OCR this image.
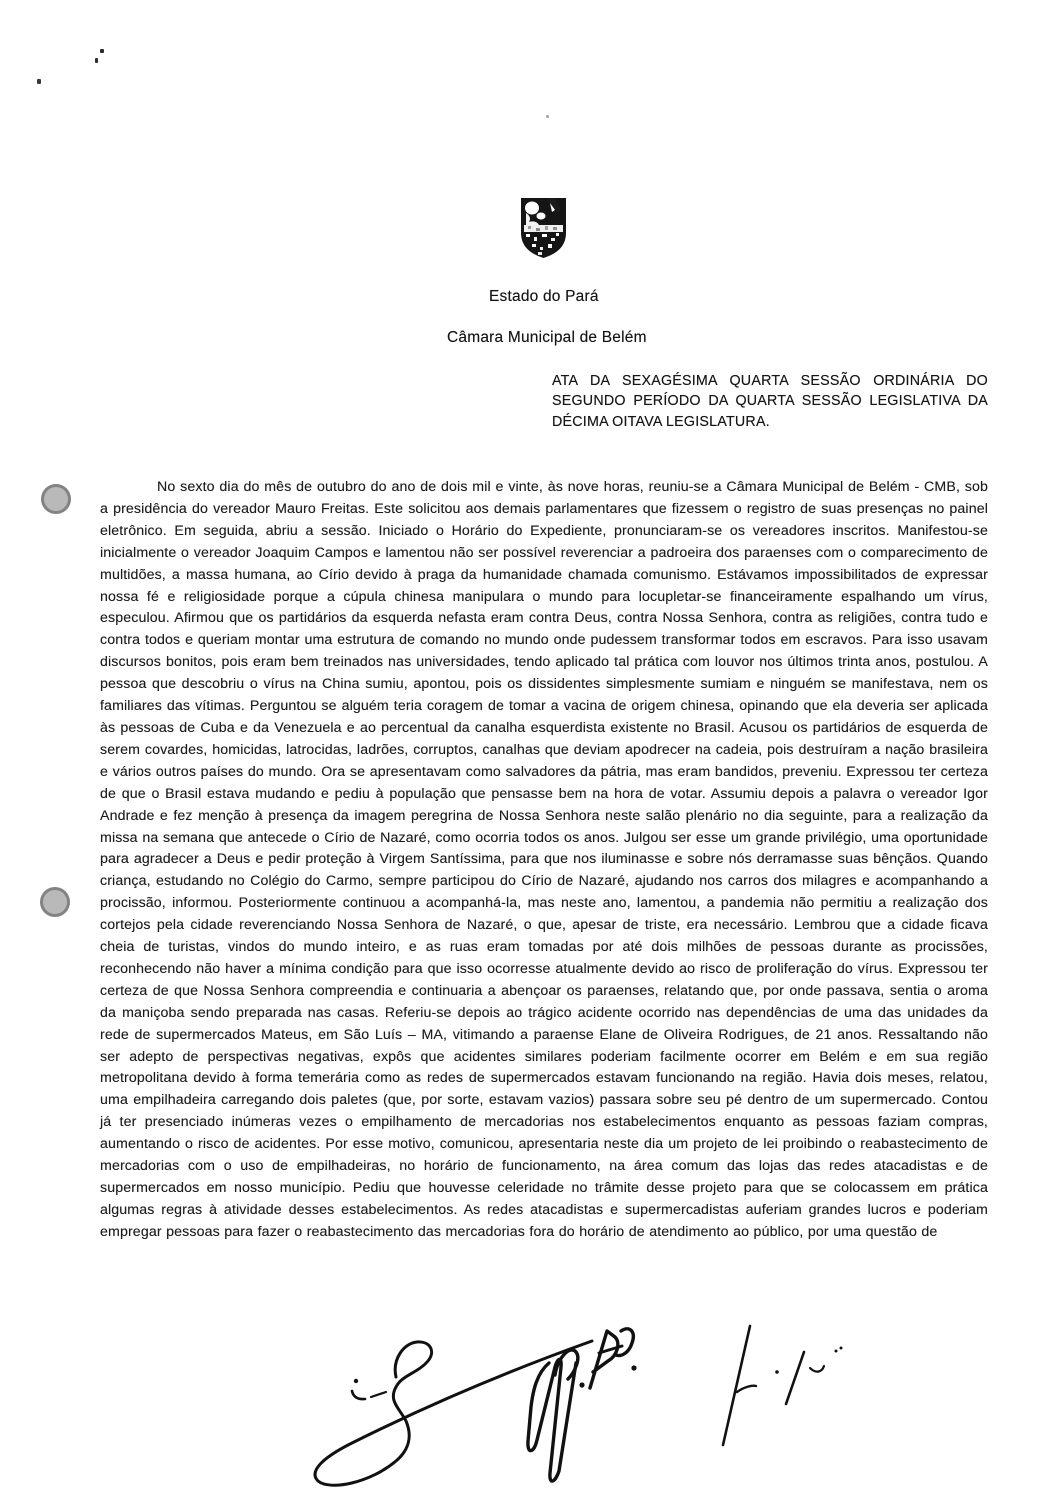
Estado do Pará
Câmara Municipal de Belém
ATA DA SEXAGÉSIMA QUARTA SESSÃO ORDINÁRIA DO SEGUNDO PERÍODO DA QUARTA SESSÃO LEGISLATIVA DA DÉCIMA OITAVA LEGISLATURA.
No sexto dia do mês de outubro do ano de dois mil e vinte, às nove horas, reuniu-se a Câmara Municipal de Belém - CMB, sob a presidência do vereador Mauro Freitas. Este solicitou aos demais parlamentares que fizessem o registro de suas presenças no painel eletrônico. Em seguida, abriu a sessão. Iniciado o Horário do Expediente, pronunciaram-se os vereadores inscritos. Manifestou-se inicialmente o vereador Joaquim Campos e lamentou não ser possível reverenciar a padroeira dos paraenses com o comparecimento de multidões, a massa humana, ao Círio devido à praga da humanidade chamada comunismo. Estávamos impossibilitados de expressar nossa fé e religiosidade porque a cúpula chinesa manipulara o mundo para locupletar-se financeiramente espalhando um vírus, especulou. Afirmou que os partidários da esquerda nefasta eram contra Deus, contra Nossa Senhora, contra as religiões, contra tudo e contra todos e queriam montar uma estrutura de comando no mundo onde pudessem transformar todos em escravos. Para isso usavam discursos bonitos, pois eram bem treinados nas universidades, tendo aplicado tal prática com louvor nos últimos trinta anos, postulou. A pessoa que descobriu o vírus na China sumiu, apontou, pois os dissidentes simplesmente sumiam e ninguém se manifestava, nem os familiares das vítimas. Perguntou se alguém teria coragem de tomar a vacina de origem chinesa, opinando que ela deveria ser aplicada às pessoas de Cuba e da Venezuela e ao percentual da canalha esquerdista existente no Brasil. Acusou os partidários de esquerda de serem covardes, homicidas, latrocidas, ladrões, corruptos, canalhas que deviam apodrecer na cadeia, pois destruíram a nação brasileira e vários outros países do mundo. Ora se apresentavam como salvadores da pátria, mas eram bandidos, preveniu. Expressou ter certeza de que o Brasil estava mudando e pediu à população que pensasse bem na hora de votar. Assumiu depois a palavra o vereador Igor Andrade e fez menção à presença da imagem peregrina de Nossa Senhora neste salão plenário no dia seguinte, para a realização da missa na semana que antecede o Círio de Nazaré, como ocorria todos os anos. Julgou ser esse um grande privilégio, uma oportunidade para agradecer a Deus e pedir proteção à Virgem Santíssima, para que nos iluminasse e sobre nós derramasse suas bênçãos. Quando criança, estudando no Colégio do Carmo, sempre participou do Círio de Nazaré, ajudando nos carros dos milagres e acompanhando a procissão, informou. Posteriormente continuou a acompanhá-la, mas neste ano, lamentou, a pandemia não permitiu a realização dos cortejos pela cidade reverenciando Nossa Senhora de Nazaré, o que, apesar de triste, era necessário. Lembrou que a cidade ficava cheia de turistas, vindos do mundo inteiro, e as ruas eram tomadas por até dois milhões de pessoas durante as procissões, reconhecendo não haver a mínima condição para que isso ocorresse atualmente devido ao risco de proliferação do vírus. Expressou ter certeza de que Nossa Senhora compreendia e continuaria a abençoar os paraenses, relatando que, por onde passava, sentia o aroma da maniçoba sendo preparada nas casas. Referiu-se depois ao trágico acidente ocorrido nas dependências de uma das unidades da rede de supermercados Mateus, em São Luís – MA, vitimando a paraense Elane de Oliveira Rodrigues, de 21 anos. Ressaltando não ser adepto de perspectivas negativas, expôs que acidentes similares poderiam facilmente ocorrer em Belém e em sua região metropolitana devido à forma temerária como as redes de supermercados estavam funcionando na região. Havia dois meses, relatou, uma empilhadeira carregando dois paletes (que, por sorte, estavam vazios) passara sobre seu pé dentro de um supermercado. Contou já ter presenciado inúmeras vezes o empilhamento de mercadorias nos estabelecimentos enquanto as pessoas faziam compras, aumentando o risco de acidentes. Por esse motivo, comunicou, apresentaria neste dia um projeto de lei proibindo o reabastecimento de mercadorias com o uso de empilhadeiras, no horário de funcionamento, na área comum das lojas das redes atacadistas e de supermercados em nosso município. Pediu que houvesse celeridade no trâmite desse projeto para que se colocassem em prática algumas regras à atividade desses estabelecimentos. As redes atacadistas e supermercadistas auferiam grandes lucros e poderiam empregar pessoas para fazer o reabastecimento das mercadorias fora do horário de atendimento ao público, por uma questão de
